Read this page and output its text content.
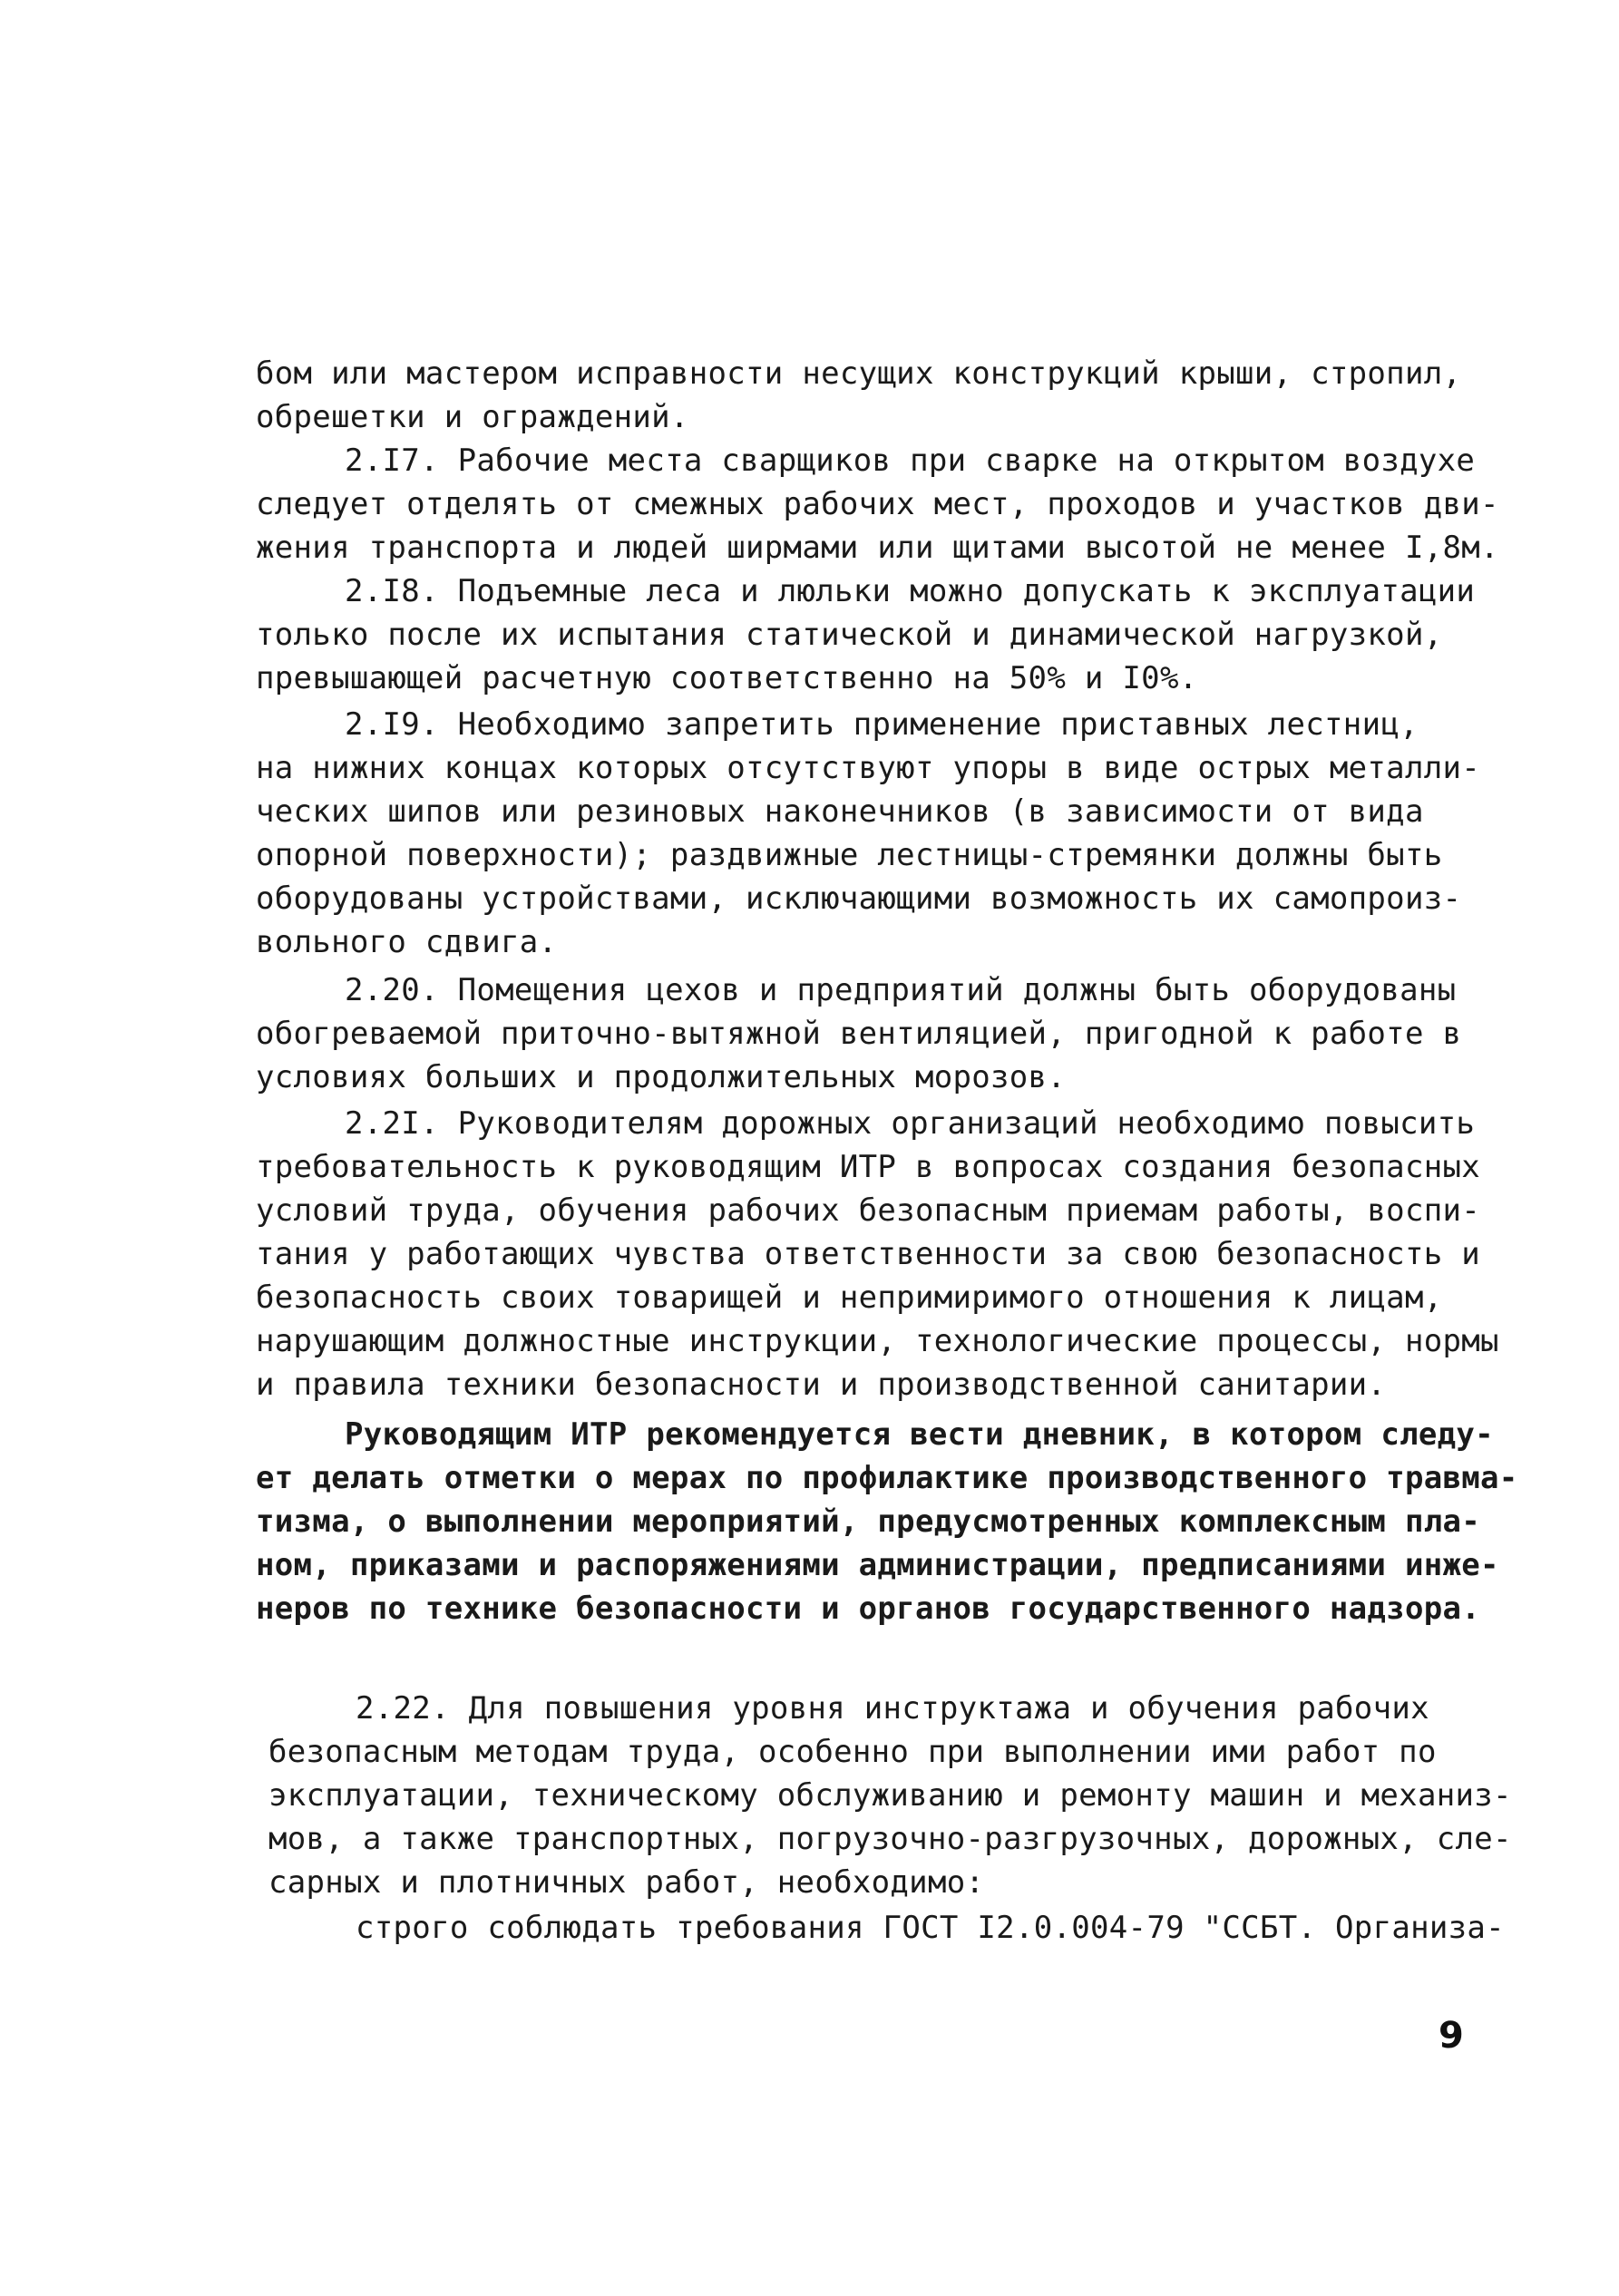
бом или мастером исправности несущих конструкций крыши, стропил,
обрешетки и ограждений.
2.I7. Рабочие места сварщиков при сварке на открытом воздухе
следует отделять от смежных рабочих мест, проходов и участков дви-
жения транспорта и людей ширмами или щитами высотой не менее I,8м.
2.I8. Подъемные леса и люльки можно допускать к эксплуатации
только после их испытания статической и динамической нагрузкой,
превышающей расчетную соответственно на 50% и I0%.
2.I9. Необходимо запретить применение приставных лестниц,
на нижних концах которых отсутствуют упоры в виде острых металли-
ческих шипов или резиновых наконечников (в зависимости от вида
опорной поверхности); раздвижные лестницы-стремянки должны быть
оборудованы устройствами, исключающими возможность их самопроиз-
вольного сдвига.
2.20. Помещения цехов и предприятий должны быть оборудованы
обогреваемой приточно-вытяжной вентиляцией, пригодной к работе в
условиях больших и продолжительных морозов.
2.2I. Руководителям дорожных организаций необходимо повысить
требовательность к руководящим ИТР в вопросах создания безопасных
условий труда, обучения рабочих безопасным приемам работы, воспи-
тания у работающих чувства ответственности за свою безопасность и
безопасность своих товарищей и непримиримого отношения к лицам,
нарушающим должностные инструкции, технологические процессы, нормы
и правила техники безопасности и производственной санитарии.
Руководящим ИТР рекомендуется вести дневник, в котором следу-
ет делать отметки о мерах по профилактике производственного травма-
тизма, о выполнении мероприятий, предусмотренных комплексным пла-
ном, приказами и распоряжениями администрации, предписаниями инже-
неров по технике безопасности и органов государственного надзора.
2.22. Для повышения уровня инструктажа и обучения рабочих
безопасным методам труда, особенно при выполнении ими работ по
эксплуатации, техническому обслуживанию и ремонту машин и механиз-
мов, а также транспортных, погрузочно-разгрузочных, дорожных, сле-
сарных и плотничных работ, необходимо:
строго соблюдать требования ГОСТ I2.0.004-79 "ССБТ. Организа-
9
